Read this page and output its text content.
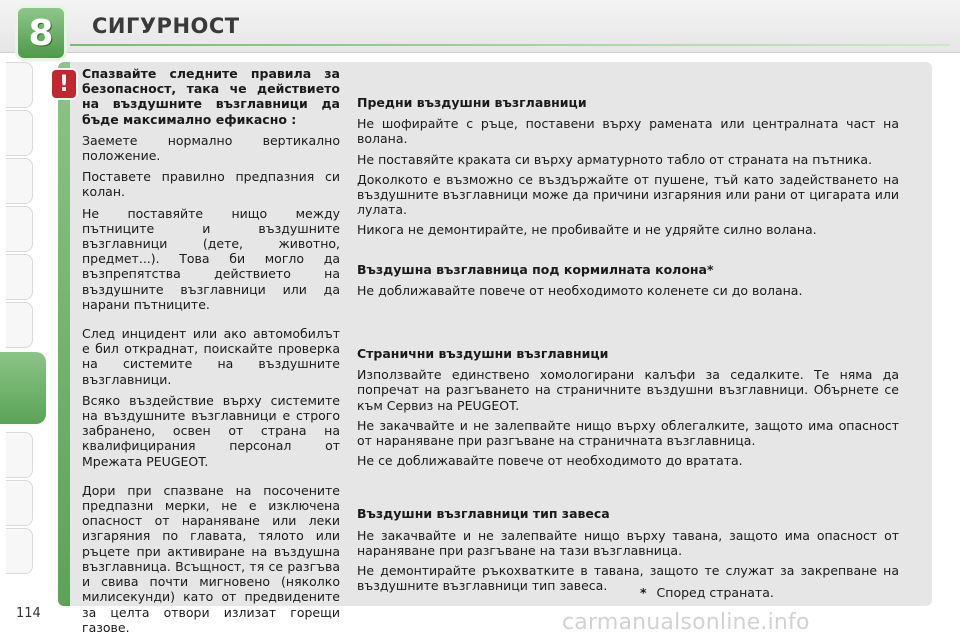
8 СИГУРНОСТ
!	Спазвайте следните правила за безопасност, така че действието на въздушните възглавници да бъде максимално ефикасно :

Заемете нормално вертикално положение.

Поставете правилно предпазния си колан.

Не поставяйте нищо между пътниците и въздушните възглавници (дете, животно, предмет...). Това би могло да възпрепятства действието на въздушните възглавници или да нарани пътниците.

След инцидент или ако автомобилът е бил откраднат, поискайте проверка на системите на въздушните възглавници.

Всяко въздействие върху системите на въздушните възглавници е строго забранено, освен от страна на квалифицирания персонал от Мрежата PEUGEOT.

Дори при спазване на посочените предпазни мерки, не е изключена опасност от нараняване или леки изгаряния по главата, тялото или ръцете при активиране на въздушна възглавница. Всъщност, тя се разгъва и свива почти мигновено (няколко милисекунди) като от предвидените за целта отвори излизат горещи газове.

Предни въздушни възглавници

Не шофирайте с ръце, поставени върху рамената или централната част на волана.

Не поставяйте краката си върху арматурното табло от страната на пътника.

Доколкото е възможно се въздържайте от пушене, тъй като задействането на въздушните възглавници може да причини изгаряния или рани от цигарата или лулата.

Никога не демонтирайте, не пробивайте и не удряйте силно волана.

Въздушна възглавница под кормилната колона*

Не доближавайте повече от необходимото коленете си до волана.

Странични въздушни възглавници

Използвайте единствено хомологирани калъфи за седалките. Те няма да попречат на разгъването на страничните въздушни възглавници. Обърнете се към Сервиз на PEUGEOT.

Не закачвайте и не залепвайте нищо върху облегалките, защото има опасност от нараняване при разгъване на страничната възглавница.

Не се доближавайте повече от необходимото до вратата.

Въздушни възглавници тип завеса

Не закачвайте и не залепвайте нищо върху тавана, защото има опасност от нараняване при разгъване на тази възглавница.

Не демонтирайте ръкохватките в тавана, защото те служат за закрепване на въздушните възглавници тип завеса.	* Според страната.
114	carmanualsonline.info
